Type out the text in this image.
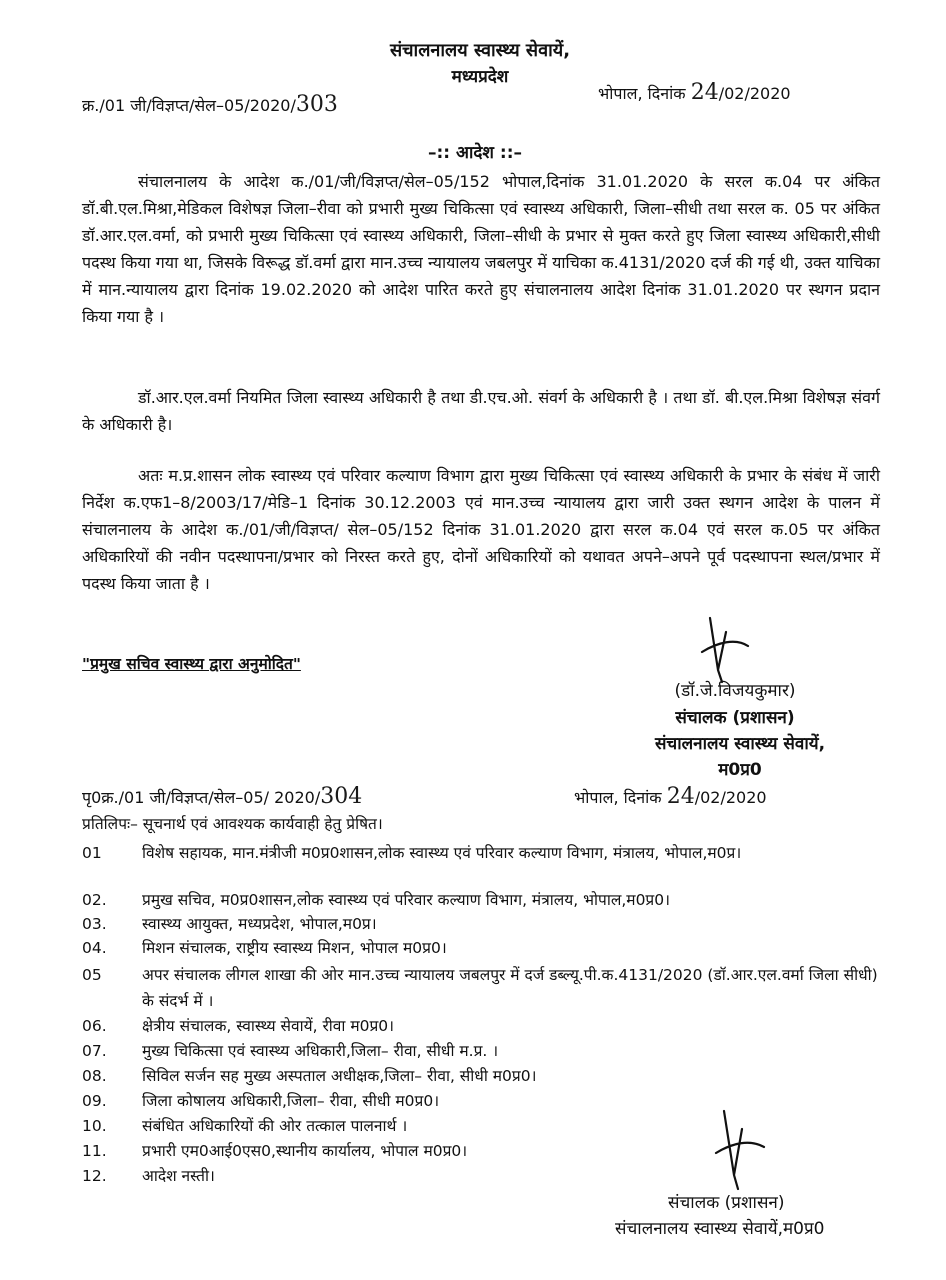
संचालनालय स्वास्थ्य सेवायें,
मध्यप्रदेश
क्र./01 जी/विज्ञप्त/सेल–05/2020/303	भोपाल, दिनांक 24/02/2020
–:: आदेश ::–
संचालनालय के आदेश क./01/जी/विज्ञप्त/सेल–05/152 भोपाल,दिनांक 31.01.2020 के सरल क.04 पर अंकित डॉ.बी.एल.मिश्रा,मेडिकल विशेषज्ञ जिला–रीवा को प्रभारी मुख्य चिकित्सा एवं स्वास्थ्य अधिकारी, जिला–सीधी तथा सरल क. 05 पर अंकित डॉ.आर.एल.वर्मा, को प्रभारी मुख्य चिकित्सा एवं स्वास्थ्य अधिकारी, जिला–सीधी के प्रभार से मुक्त करते हुए जिला स्वास्थ्य अधिकारी,सीधी पदस्थ किया गया था, जिसके विरूद्ध डॉ.वर्मा द्वारा मान.उच्च न्यायालय जबलपुर में याचिका क.4131/2020 दर्ज की गई थी, उक्त याचिका में मान.न्यायालय द्वारा दिनांक 19.02.2020 को आदेश पारित करते हुए संचालनालय आदेश दिनांक 31.01.2020 पर स्थगन प्रदान किया गया है ।
डॉ.आर.एल.वर्मा नियमित जिला स्वास्थ्य अधिकारी है तथा डी.एच.ओ. संवर्ग के अधिकारी है । तथा डॉ. बी.एल.मिश्रा विशेषज्ञ संवर्ग के अधिकारी है।
अतः म.प्र.शासन लोक स्वास्थ्य एवं परिवार कल्याण विभाग द्वारा मुख्य चिकित्सा एवं स्वास्थ्य अधिकारी के प्रभार के संबंध में जारी निर्देश क.एफ1–8/2003/17/मेडि–1 दिनांक 30.12.2003 एवं मान.उच्च न्यायालय द्वारा जारी उक्त स्थगन आदेश के पालन में संचालनालय के आदेश क./01/जी/विज्ञप्त/ सेल–05/152 दिनांक 31.01.2020 द्वारा सरल क.04 एवं सरल क.05 पर अंकित अधिकारियों की नवीन पदस्थापना/प्रभार को निरस्त करते हुए, दोनों अधिकारियों को यथावत अपने–अपने पूर्व पदस्थापना स्थल/प्रभार में पदस्थ किया जाता है ।
"प्रमुख सचिव स्वास्थ्य द्वारा अनुमोदित"
(डॉ.जे.विजयकुमार)
संचालक (प्रशासन)
संचालनालय स्वास्थ्य सेवायें,
म0प्र0
पृ0क्र./01 जी/विज्ञप्त/सेल–05/ 2020/304	भोपाल, दिनांक 24/02/2020
प्रतिलिपः– सूचनार्थ एवं आवश्यक कार्यवाही हेतु प्रेषित।
01	विशेष सहायक, मान.मंत्रीजी म0प्र0शासन,लोक स्वास्थ्य एवं परिवार कल्याण विभाग, मंत्रालय, भोपाल,म0प्र।
02.	प्रमुख सचिव, म0प्र0शासन,लोक स्वास्थ्य एवं परिवार कल्याण विभाग, मंत्रालय, भोपाल,म0प्र0।
03.	स्वास्थ्य आयुक्त, मध्यप्रदेश, भोपाल,म0प्र।
04.	मिशन संचालक, राष्ट्रीय स्वास्थ्य मिशन, भोपाल म0प्र0।
05	अपर संचालक लीगल शाखा की ओर मान.उच्च न्यायालय जबलपुर में दर्ज डब्ल्यू.पी.क.4131/2020 (डॉ.आर.एल.वर्मा जिला सीधी) के संदर्भ में ।
06.	क्षेत्रीय संचालक, स्वास्थ्य सेवायें, रीवा म0प्र0।
07.	मुख्य चिकित्सा एवं स्वास्थ्य अधिकारी,जिला– रीवा, सीधी म.प्र. ।
08.	सिविल सर्जन सह मुख्य अस्पताल अधीक्षक,जिला– रीवा, सीधी म0प्र0।
09.	जिला कोषालय अधिकारी,जिला– रीवा, सीधी म0प्र0।
10.	संबंधित अधिकारियों की ओर तत्काल पालनार्थ ।
11.	प्रभारी एम0आई0एस0,स्थानीय कार्यालय, भोपाल म0प्र0।
12.	आदेश नस्ती।
संचालक (प्रशासन)
संचालनालय स्वास्थ्य सेवायें,म0प्र0
